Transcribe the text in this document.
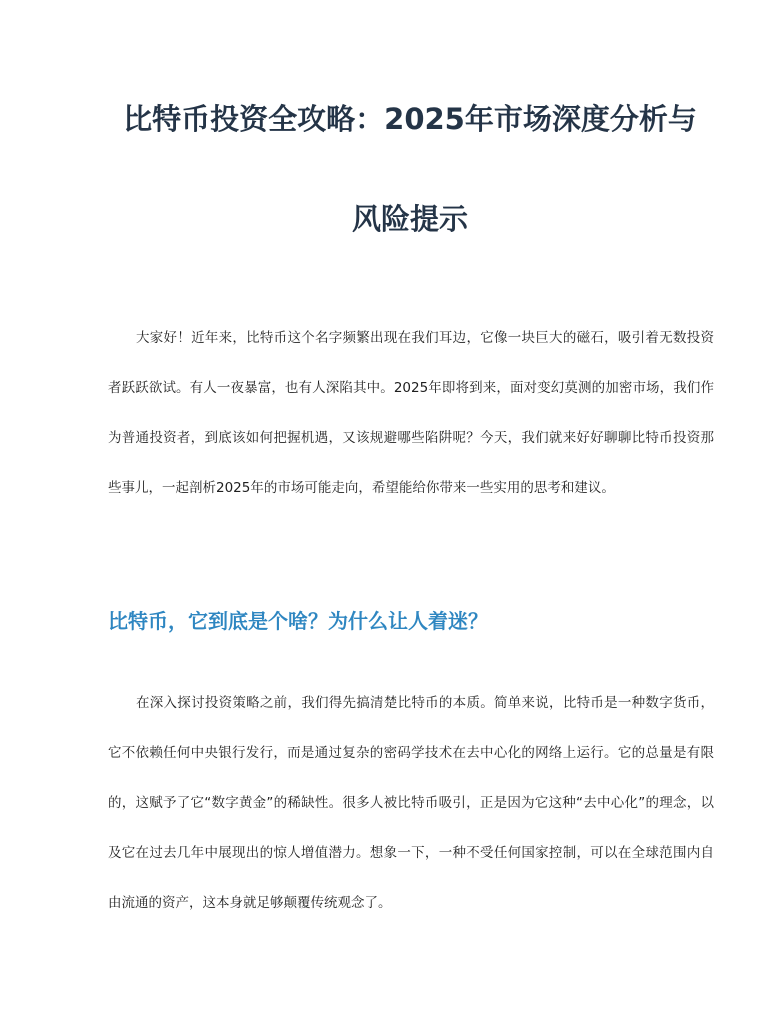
比特币投资全攻略：2025年市场深度分析与
风险提示

大家好！近年来，比特币这个名字频繁出现在我们耳边，它像一块巨大的磁石，吸引着无数投资者跃跃欲试。有人一夜暴富，也有人深陷其中。2025年即将到来，面对变幻莫测的加密市场，我们作为普通投资者，到底该如何把握机遇，又该规避哪些陷阱呢？今天，我们就来好好聊聊比特币投资那些事儿，一起剖析2025年的市场可能走向，希望能给你带来一些实用的思考和建议。

比特币，它到底是个啥？为什么让人着迷？

在深入探讨投资策略之前，我们得先搞清楚比特币的本质。简单来说，比特币是一种数字货币，它不依赖任何中央银行发行，而是通过复杂的密码学技术在去中心化的网络上运行。它的总量是有限的，这赋予了它“数字黄金”的稀缺性。很多人被比特币吸引，正是因为它这种“去中心化”的理念，以及它在过去几年中展现出的惊人增值潜力。想象一下，一种不受任何国家控制，可以在全球范围内自由流通的资产，这本身就足够颠覆传统观念了。
